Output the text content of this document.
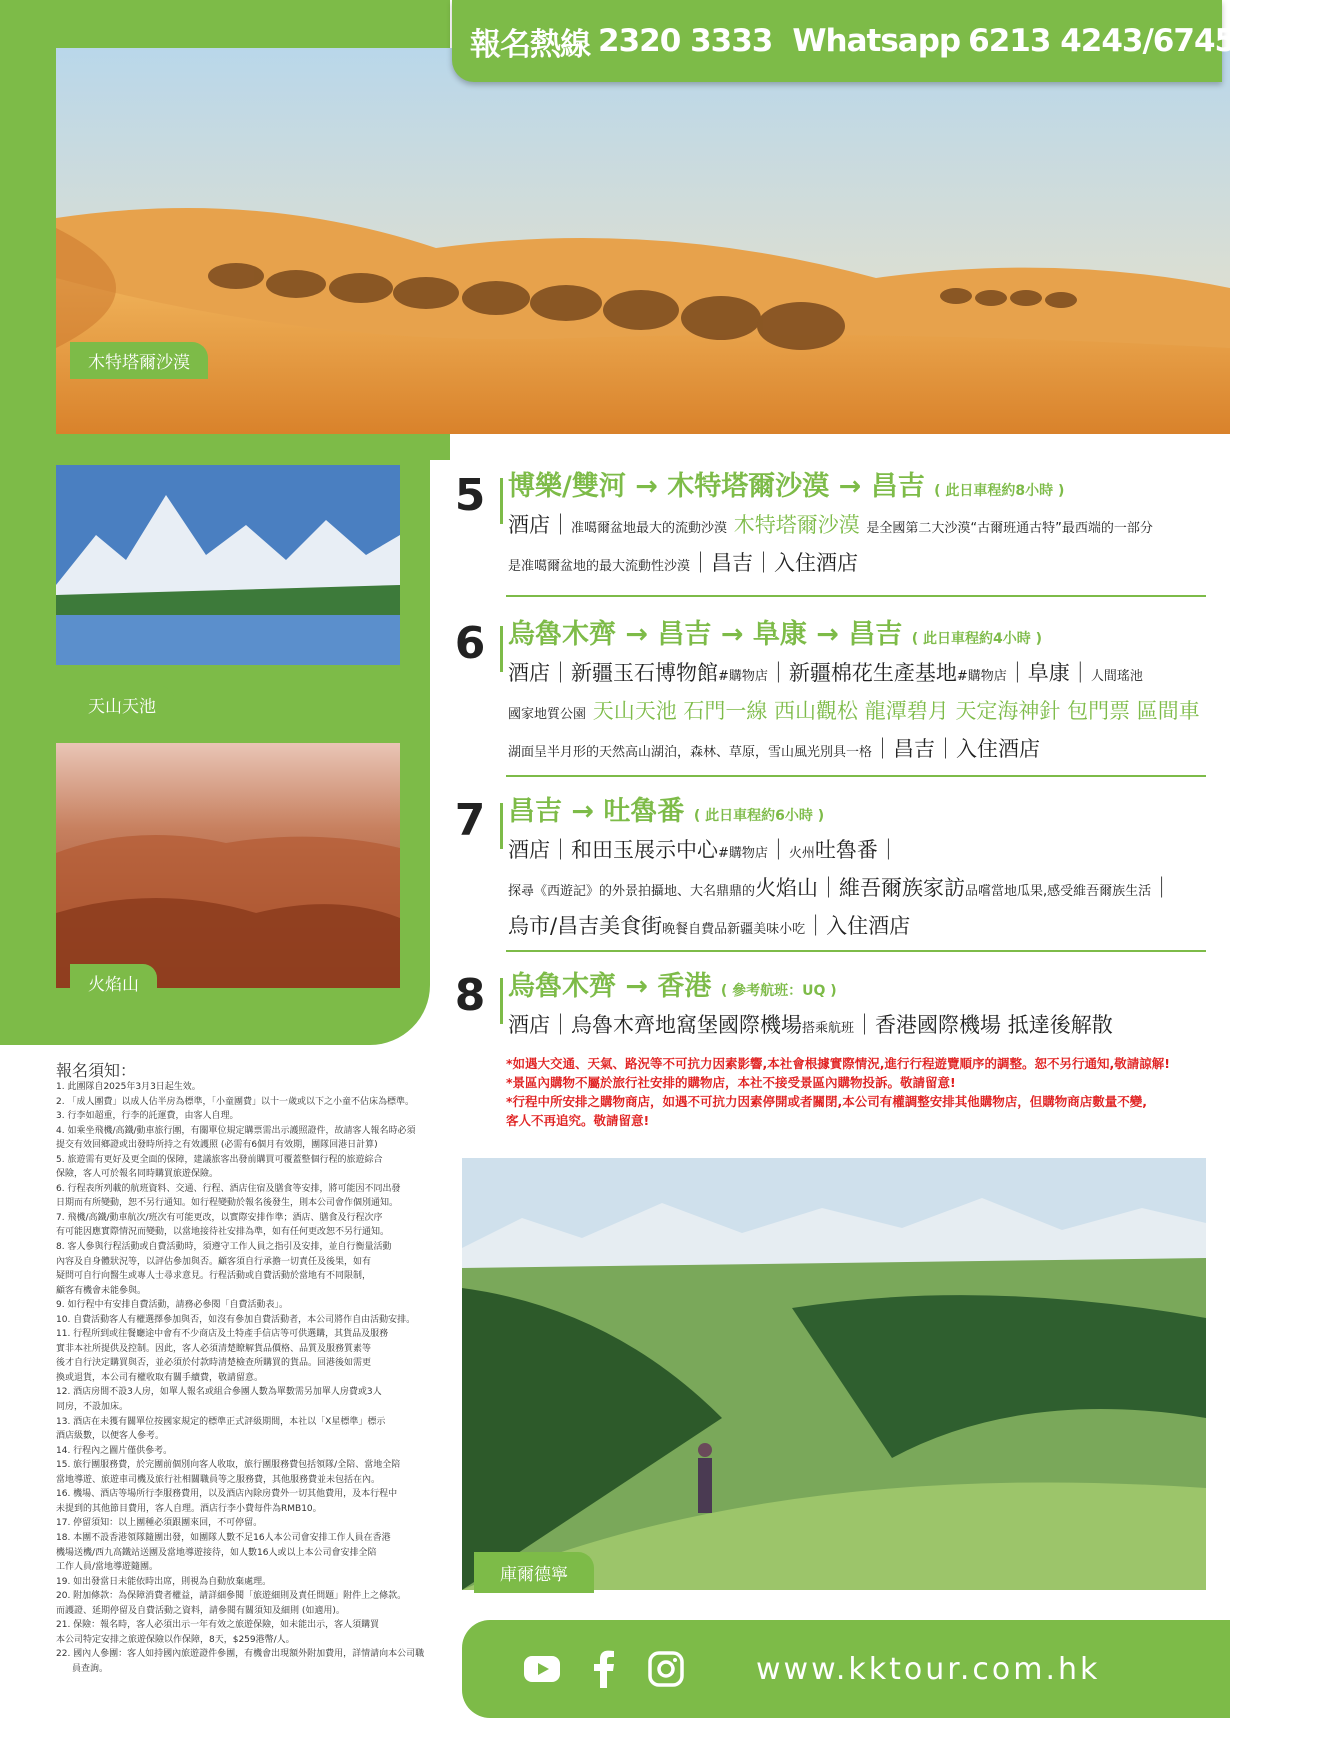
木特塔爾沙漠
報名熱線 2320 3333 Whatsapp 6213 4243/6745 3024
天山天池
火焰山
5 博樂/雙河 → 木特塔爾沙漠 → 昌吉 ( 此日車程約8小時 )
酒店｜准噶爾盆地最大的流動沙漠 木特塔爾沙漠 是全國第二大沙漠“古爾班通古特”最西端的一部分
是准噶爾盆地的最大流動性沙漠｜昌吉｜入住酒店
6 烏魯木齊 → 昌吉 → 阜康 → 昌吉 ( 此日車程約4小時 )
酒店｜新疆玉石博物館#購物店｜新疆棉花生產基地#購物店｜阜康｜人間瑤池
國家地質公園 天山天池 石門一線 西山觀松 龍潭碧月 天定海神針 包門票 區間車
湖面呈半月形的天然高山湖泊，森林、草原，雪山風光別具一格｜昌吉｜入住酒店
7 昌吉 → 吐魯番 ( 此日車程約6小時 )
酒店｜和田玉展示中心#購物店｜火州吐魯番｜
探尋《西遊記》的外景拍攝地、大名鼎鼎的火焰山｜維吾爾族家訪品嚐當地瓜果,感受維吾爾族生活｜
烏市/昌吉美食街晚餐自費品新疆美味小吃｜入住酒店
8 烏魯木齊 → 香港 ( 參考航班：UQ )
酒店｜烏魯木齊地窩堡國際機場搭乘航班｜香港國際機場 抵達後解散
*如遇大交通、天氣、路況等不可抗力因素影響,本社會根據實際情況,進行行程遊覽順序的調整。恕不另行通知,敬請諒解!
*景區內購物不屬於旅行社安排的購物店，本社不接受景區內購物投訴。敬請留意!
*行程中所安排之購物商店，如遇不可抗力因素停開或者關閉,本公司有權調整安排其他購物店，但購物商店數量不變,
客人不再追究。敬請留意!
庫爾德寧
報名須知：
1. 此團隊自2025年3月3日起生效。
2. 「成人團費」以成人佔半房為標準，「小童團費」以十一歲或以下之小童不佔床為標準。
3. 行李如超重，行李的託運費，由客人自理。
4. 如乘坐飛機/高鐵/動車旅行團，有關單位規定購票需出示護照證件，故請客人報名時必須
提交有效回鄉證或出發時所持之有效護照 (必需有6個月有效期，團隊回港日計算)
5. 旅遊需有更好及更全面的保障，建議旅客出發前購買可覆蓋整個行程的旅遊綜合
保險，客人可於報名同時購買旅遊保險。
6. 行程表所列載的航班資料、交通、行程、酒店住宿及膳食等安排，將可能因不同出發
日期而有所變動，恕不另行通知。如行程變動於報名後發生，則本公司會作個別通知。
7. 飛機/高鐵/動車航次/班次有可能更改，以實際安排作準；酒店、膳食及行程次序
有可能因應實際情況而變動，以當地接待社安排為準，如有任何更改恕不另行通知。
8. 客人參與行程活動或自費活動時，須遵守工作人員之指引及安排，並自行衡量活動
內容及自身體狀況等，以評估參加與否。顧客須自行承擔一切責任及後果，如有
疑問可自行向醫生或專人士尋求意見。行程活動或自費活動於當地有不同限制，
顧客有機會未能參與。
9. 如行程中有安排自費活動，請務必參閱「自費活動表」。
10. 自費活動客人有權選擇參加與否，如沒有參加自費活動者，本公司將作自由活動安排。
11. 行程所到或往餐廳途中會有不少商店及土特產手信店等可供選購，其貨品及服務
實非本社所提供及控制。因此，客人必須清楚瞭解貨品價格、品質及服務質素等
後才自行決定購買與否，並必須於付款時清楚檢查所購買的貨品。回港後如需更
換或退貨，本公司有權收取有關手續費，敬請留意。
12. 酒店房間不設3人房，如單人報名或組合參團人數為單數需另加單人房費或3人
同房，不設加床。
13. 酒店在未獲有關單位按國家規定的標準正式評級期間，本社以「X星標準」標示
酒店級數，以便客人參考。
14. 行程內之圖片僅供參考。
15. 旅行團服務費，於完團前個別向客人收取，旅行團服務費包括領隊/全陪、當地全陪
當地導遊、旅遊車司機及旅行社相關職員等之服務費，其他服務費並未包括在內。
16. 機場、酒店等場所行李服務費用，以及酒店內除房費外一切其他費用，及本行程中
未提到的其他節目費用，客人自理。酒店行李小費每件為RMB10。
17. 停留須知：以上團種必須跟團來回，不可停留。
18. 本團不設香港領隊隨團出發，如團隊人數不足16人本公司會安排工作人員在香港
機場送機/西九高鐵站送團及當地導遊接待，如人數16人或以上本公司會安排全陪
工作人員/當地導遊隨團。
19. 如出發當日未能依時出席，則視為自動放棄處理。
20. 附加條款：為保障消費者權益，請詳細參閱「旅遊細則及責任問題」附件上之條款。
而護證、延期停留及自費活動之資料，請參閱有關須知及細則 (如適用)。
21. 保險：報名時，客人必須出示一年有效之旅遊保險，如未能出示，客人須購買
本公司特定安排之旅遊保險以作保障，8天，$259港幣/人。
22. 國內人參團：客人如持國內旅遊證件參團，有機會出現額外附加費用，詳情請向本公司職員查詢。	www.kktour.com.hk
